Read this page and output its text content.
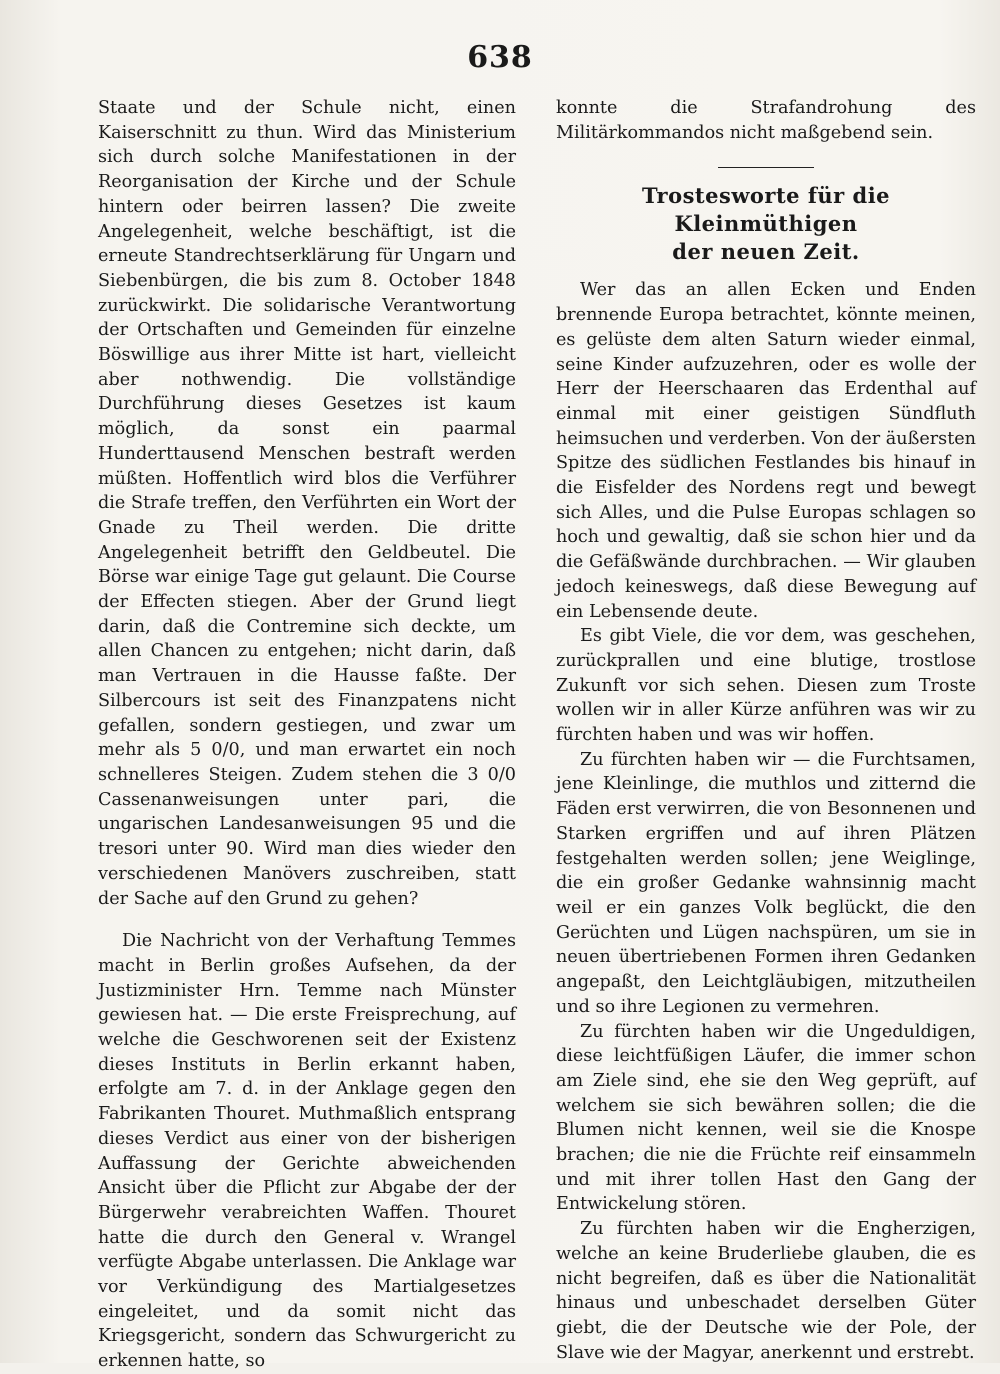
638

Staate und der Schule nicht, einen Kaiserschnitt zu thun. Wird das Ministerium sich durch solche Manifestationen in der Reorganisation der Kirche und der Schule hintern oder beirren lassen? Die zweite Angelegenheit, welche beschäftigt, ist die erneute Standrechtserklärung für Ungarn und Siebenbürgen, die bis zum 8. October 1848 zurückwirkt. Die solidarische Verantwortung der Ortschaften und Gemeinden für einzelne Böswillige aus ihrer Mitte ist hart, vielleicht aber nothwendig. Die vollständige Durchführung dieses Gesetzes ist kaum möglich, da sonst ein paarmal Hunderttausend Menschen bestraft werden müßten. Hoffentlich wird blos die Verführer die Strafe treffen, den Verführten ein Wort der Gnade zu Theil werden. Die dritte Angelegenheit betrifft den Geldbeutel. Die Börse war einige Tage gut gelaunt. Die Course der Effecten stiegen. Aber der Grund liegt darin, daß die Contremine sich deckte, um allen Chancen zu entgehen; nicht darin, daß man Vertrauen in die Hausse faßte. Der Silbercours ist seit des Finanzpatens nicht gefallen, sondern gestiegen, und zwar um mehr als 5 0/0, und man erwartet ein noch schnelleres Steigen. Zudem stehen die 3 0/0 Cassenanweisungen unter pari, die ungarischen Landesanweisungen 95 und die tresori unter 90. Wird man dies wieder den verschiedenen Manövers zuschreiben, statt der Sache auf den Grund zu gehen?

Die Nachricht von der Verhaftung Temmes macht in Berlin großes Aufsehen, da der Justizminister Hrn. Temme nach Münster gewiesen hat. — Die erste Freisprechung, auf welche die Geschworenen seit der Existenz dieses Instituts in Berlin erkannt haben, erfolgte am 7. d. in der Anklage gegen den Fabrikanten Thouret. Muthmaßlich entsprang dieses Verdict aus einer von der bisherigen Auffassung der Gerichte abweichenden Ansicht über die Pflicht zur Abgabe der der Bürgerwehr verabreichten Waffen. Thouret hatte die durch den General v. Wrangel verfügte Abgabe unterlassen. Die Anklage war vor Verkündigung des Martialgesetzes eingeleitet, und da somit nicht das Kriegsgericht, sondern das Schwurgericht zu erkennen hatte, so

konnte die Strafandrohung des Militärkommandos nicht maßgebend sein.

Trostesworte für die Kleinmüthigen
der neuen Zeit.

Wer das an allen Ecken und Enden brennende Europa betrachtet, könnte meinen, es gelüste dem alten Saturn wieder einmal, seine Kinder aufzuzehren, oder es wolle der Herr der Heerschaaren das Erdenthal auf einmal mit einer geistigen Sündfluth heimsuchen und verderben. Von der äußersten Spitze des südlichen Festlandes bis hinauf in die Eisfelder des Nordens regt und bewegt sich Alles, und die Pulse Europas schlagen so hoch und gewaltig, daß sie schon hier und da die Gefäßwände durchbrachen. — Wir glauben jedoch keineswegs, daß diese Bewegung auf ein Lebensende deute.

Es gibt Viele, die vor dem, was geschehen, zurückprallen und eine blutige, trostlose Zukunft vor sich sehen. Diesen zum Troste wollen wir in aller Kürze anführen was wir zu fürchten haben und was wir hoffen.

Zu fürchten haben wir — die Furchtsamen, jene Kleinlinge, die muthlos und zitternd die Fäden erst verwirren, die von Besonnenen und Starken ergriffen und auf ihren Plätzen festgehalten werden sollen; jene Weiglinge, die ein großer Gedanke wahnsinnig macht weil er ein ganzes Volk beglückt, die den Gerüchten und Lügen nachspüren, um sie in neuen übertriebenen Formen ihren Gedanken angepaßt, den Leichtgläubigen, mitzutheilen und so ihre Legionen zu vermehren.

Zu fürchten haben wir die Ungeduldigen, diese leichtfüßigen Läufer, die immer schon am Ziele sind, ehe sie den Weg geprüft, auf welchem sie sich bewähren sollen; die die Blumen nicht kennen, weil sie die Knospe brachen; die nie die Früchte reif einsammeln und mit ihrer tollen Hast den Gang der Entwickelung stören.

Zu fürchten haben wir die Engherzigen, welche an keine Bruderliebe glauben, die es nicht begreifen, daß es über die Nationalität hinaus und unbeschadet derselben Güter giebt, die der Deutsche wie der Pole, der Slave wie der Magyar, anerkennt und erstrebt.
